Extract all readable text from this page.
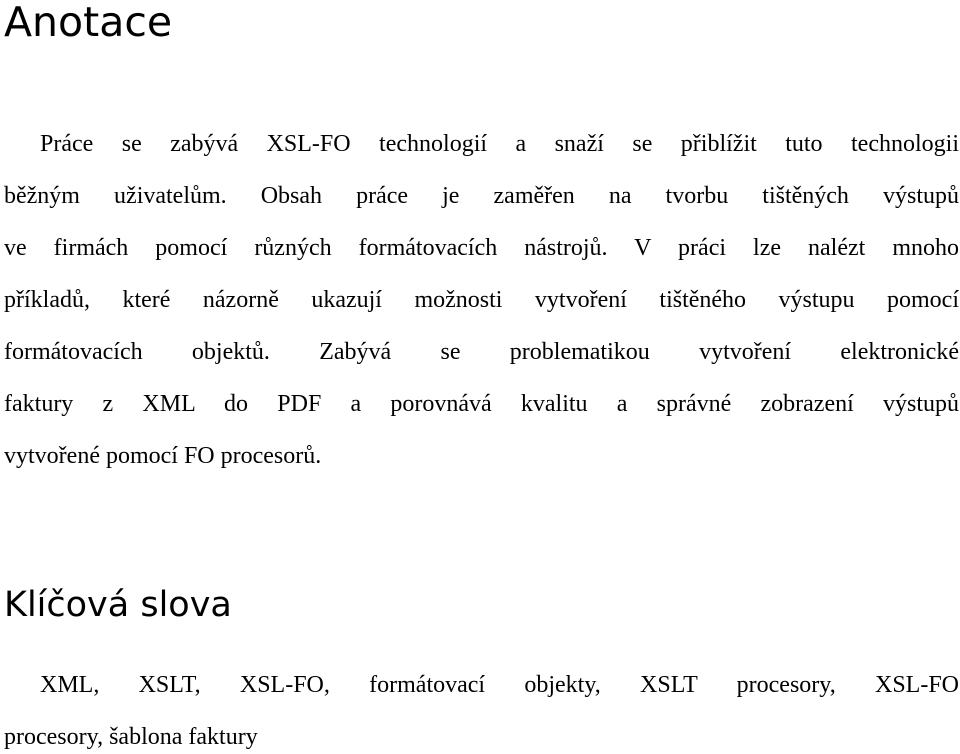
Anotace

Práce se zabývá XSL-FO technologií a snaží se přiblížit tuto technologii

běžným uživatelům. Obsah práce je zaměřen na tvorbu tištěných výstupů

ve firmách pomocí různých formátovacích nástrojů. V práci lze nalézt mnoho

příkladů, které názorně ukazují možnosti vytvoření tištěného výstupu pomocí

formátovacích objektů. Zabývá se problematikou vytvoření elektronické

faktury z XML do PDF a porovnává kvalitu a správné zobrazení výstupů

vytvořené pomocí FO procesorů.

Klíčová slova

XML, XSLT, XSL-FO, formátovací objekty, XSLT procesory, XSL-FO

procesory, šablona faktury
